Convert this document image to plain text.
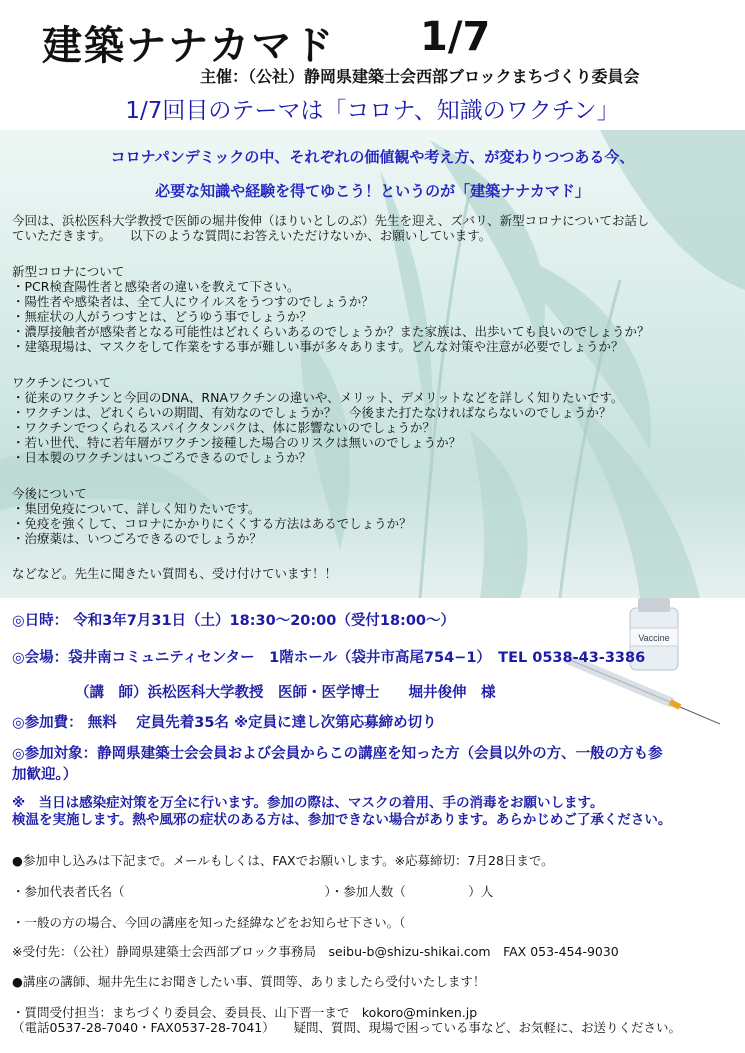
建築ナナカマド 1/7
主催：（公社）静岡県建築士会西部ブロックまちづくり委員会
1/7回目のテーマは「コロナ、知識のワクチン」
コロナパンデミックの中、それぞれの価値観や考え方、が変わりつつある今、
必要な知識や経験を得てゆこう！というのが「建築ナナカマド」
今回は、浜松医科大学教授で医師の堀井俊伸（ほりいとしのぶ）先生を迎え、ズバリ、新型コロナについてお話し
ていただきます。　　以下のような質問にお答えいただけないか、お願いしています。
新型コロナについて
・PCR検査陽性者と感染者の違いを教えて下さい。
・陽性者や感染者は、全て人にウイルスをうつすのでしょうか？
・無症状の人がうつすとは、どうゆう事でしょうか？
・濃厚接触者が感染者となる可能性はどれくらいあるのでしょうか？また家族は、出歩いても良いのでしょうか？
・建築現場は、マスクをして作業をする事が難しい事が多々あります。どんな対策や注意が必要でしょうか？
ワクチンについて
・従来のワクチンと今回のDNA、RNAワクチンの違いや、メリット、デメリットなどを詳しく知りたいです。
・ワクチンは、どれくらいの期間、有効なのでしょうか？　今後また打たなければならないのでしょうか？
・ワクチンでつくられるスパイクタンパクは、体に影響ないのでしょうか？
・若い世代、特に若年層がワクチン接種した場合のリスクは無いのでしょうか？
・日本製のワクチンはいつごろできるのでしょうか？
今後について
・集団免疫について、詳しく知りたいです。
・免疫を強くして、コロナにかかりにくくする方法はあるでしょうか？
・治療薬は、いつごろできるのでしょうか？
などなど。先生に聞きたい質問も、受け付けています！！
Vaccine
◎日時： 令和3年7月31日（土）18:30〜20:00（受付18:00〜）
◎会場：袋井南コミュニティセンター　1階ホール（袋井市高尾754−1）　TEL 0538-43-3386
（講　師）浜松医科大学教授　医師・医学博士　　堀井俊伸　様
◎参加費： 無料　 定員先着35名 ※定員に達し次第応募締め切り
◎参加対象：静岡県建築士会会員および会員からこの講座を知った方（会員以外の方、一般の方も参
加歓迎。）
※　当日は感染症対策を万全に行います。参加の際は、マスクの着用、手の消毒をお願いします。
検温を実施します。熱や風邪の症状のある方は、参加できない場合があります。あらかじめご了承ください。
●参加申し込みは下記まで。メールもしくは、FAXでお願いします。※応募締切：7月28日まで。
・参加代表者氏名（　　　　　　　　　　　　　　　　）・参加人数（　　　　　）人
・一般の方の場合、今回の講座を知った経緯などをお知らせ下さい。（
※受付先：（公社）静岡県建築士会西部ブロック事務局　seibu-b@shizu-shikai.com　FAX 053-454-9030
●講座の講師、堀井先生にお聞きしたい事、質問等、ありましたら受付いたします！
・質問受付担当：まちづくり委員会、委員長、山下晋一まで　kokoro@minken.jp
（電話0537-28-7040・FAX0537-28-7041）　　疑問、質問、現場で困っている事など、お気軽に、お送りください。
